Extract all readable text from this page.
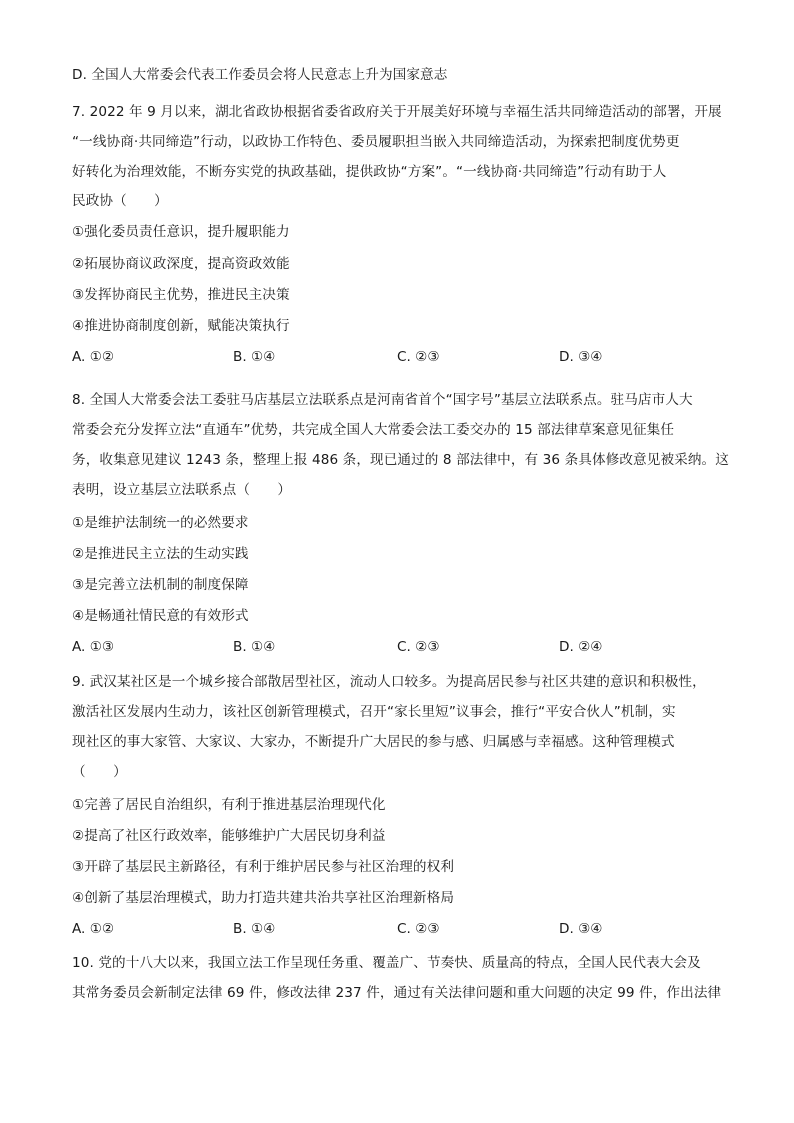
D. 全国人大常委会代表工作委员会将人民意志上升为国家意志
7. 2022 年 9 月以来，湖北省政协根据省委省政府关于开展美好环境与幸福生活共同缔造活动的部署，开展
“一线协商·共同缔造”行动，以政协工作特色、委员履职担当嵌入共同缔造活动，为探索把制度优势更
好转化为治理效能，不断夯实党的执政基础，提供政协“方案”。“一线协商·共同缔造”行动有助于人
民政协（　　）
①强化委员责任意识，提升履职能力
②拓展协商议政深度，提高资政效能
③发挥协商民主优势，推进民主决策
④推进协商制度创新，赋能决策执行
A. ①②	B. ①④	C. ②③	D. ③④
8. 全国人大常委会法工委驻马店基层立法联系点是河南省首个“国字号”基层立法联系点。驻马店市人大
常委会充分发挥立法“直通车”优势，共完成全国人大常委会法工委交办的 15 部法律草案意见征集任
务，收集意见建议 1243 条，整理上报 486 条，现已通过的 8 部法律中，有 36 条具体修改意见被采纳。这
表明，设立基层立法联系点（　　）
①是维护法制统一的必然要求
②是推进民主立法的生动实践
③是完善立法机制的制度保障
④是畅通社情民意的有效形式
A. ①③	B. ①④	C. ②③	D. ②④
9. 武汉某社区是一个城乡接合部散居型社区，流动人口较多。为提高居民参与社区共建的意识和积极性，
激活社区发展内生动力，该社区创新管理模式，召开“家长里短”议事会，推行“平安合伙人”机制，实
现社区的事大家管、大家议、大家办，不断提升广大居民的参与感、归属感与幸福感。这种管理模式
（　　）
①完善了居民自治组织，有利于推进基层治理现代化
②提高了社区行政效率，能够维护广大居民切身利益
③开辟了基层民主新路径，有利于维护居民参与社区治理的权利
④创新了基层治理模式，助力打造共建共治共享社区治理新格局
A. ①②	B. ①④	C. ②③	D. ③④
10. 党的十八大以来，我国立法工作呈现任务重、覆盖广、节奏快、质量高的特点，全国人民代表大会及
其常务委员会新制定法律 69 件，修改法律 237 件，通过有关法律问题和重大问题的决定 99 件，作出法律
